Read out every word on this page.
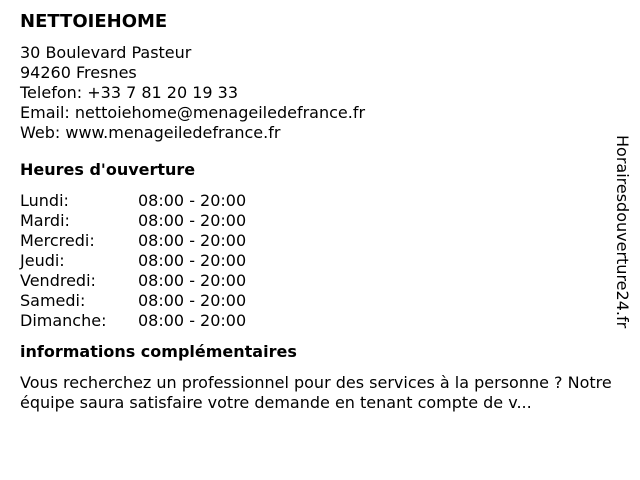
NETTOIEHOME
30 Boulevard Pasteur
94260 Fresnes
Telefon: +33 7 81 20 19 33
Email: nettoiehome@menageiledefrance.fr
Web: www.menageiledefrance.fr
Heures d'ouverture
Lundi:	08:00 - 20:00
Mardi:	08:00 - 20:00
Mercredi:	08:00 - 20:00
Jeudi:	08:00 - 20:00
Vendredi:	08:00 - 20:00
Samedi:	08:00 - 20:00
Dimanche:	08:00 - 20:00
informations complémentaires
Vous recherchez un professionnel pour des services à la personne ? Notre équipe saura satisfaire votre demande en tenant compte de v...
Horairesdouverture24.fr
